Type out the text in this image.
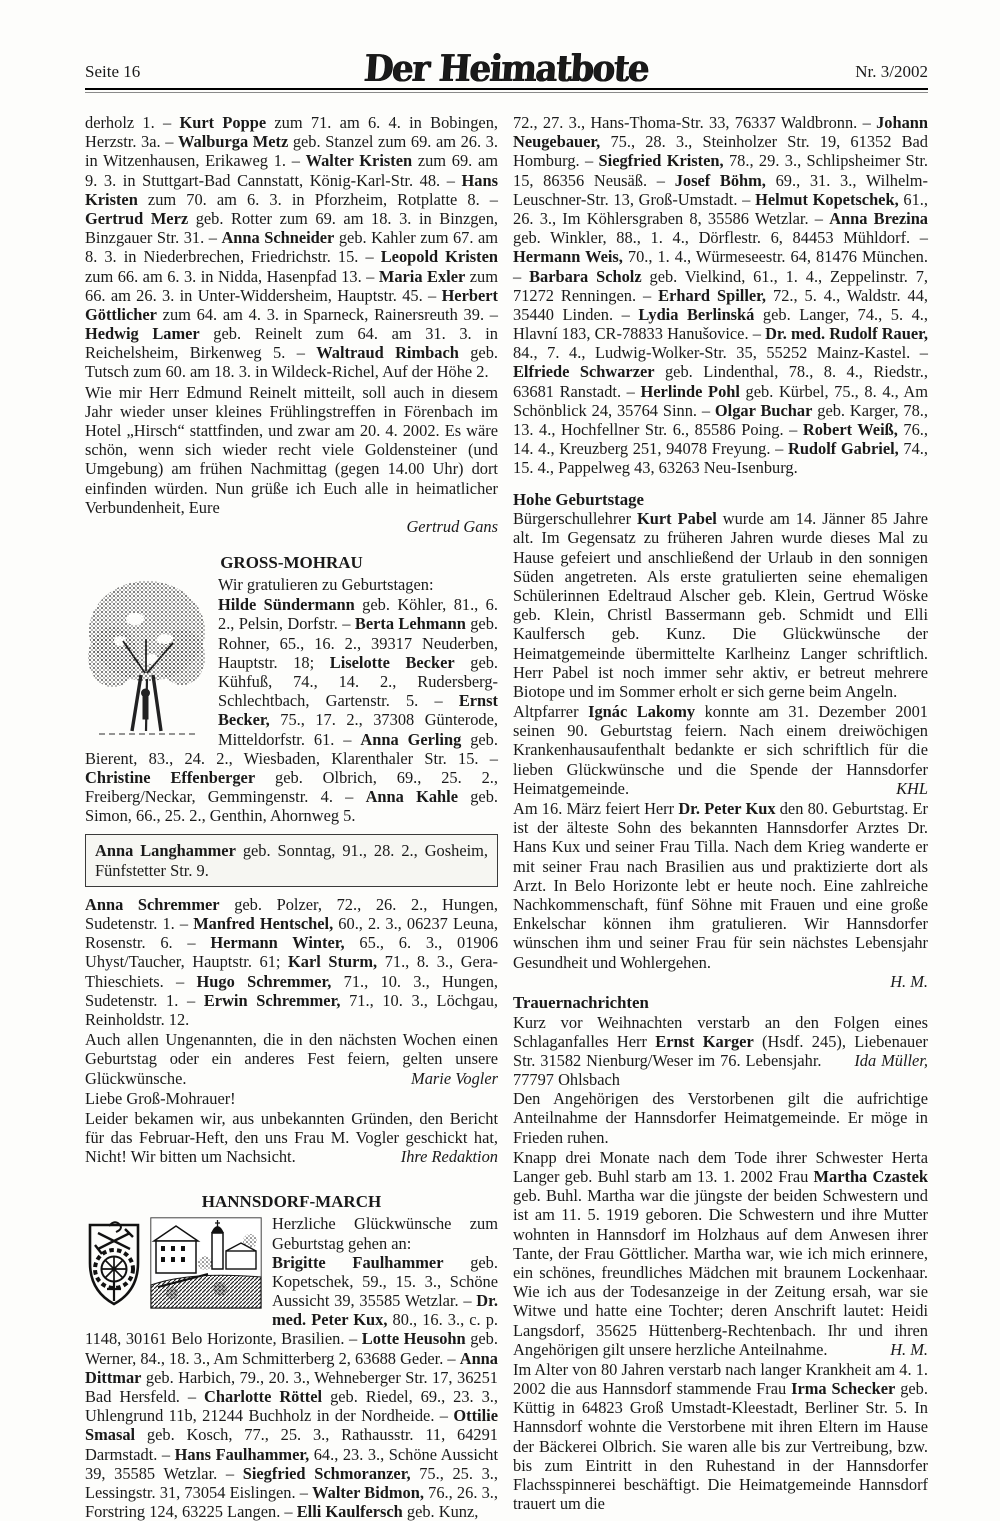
Seite 16	Der Heimatbote	Nr. 3/2002

derholz 1. – Kurt Poppe zum 71. am 6. 4. in Bobingen, Herzstr. 3a. – Walburga Metz geb. Stanzel zum 69. am 26. 3. in Witzenhausen, Erikaweg 1. – Walter Kristen zum 69. am 9. 3. in Stuttgart-Bad Cannstatt, König-Karl-Str. 48. – Hans Kristen zum 70. am 6. 3. in Pforzheim, Rotplatte 8. – Gertrud Merz geb. Rotter zum 69. am 18. 3. in Binzgen, Binzgauer Str. 31. – Anna Schneider geb. Kahler zum 67. am 8. 3. in Niederbrechen, Friedrichstr. 15. – Leopold Kristen zum 66. am 6. 3. in Nidda, Hasenpfad 13. – Maria Exler zum 66. am 26. 3. in Unter-Widdersheim, Hauptstr. 45. – Herbert Göttlicher zum 64. am 4. 3. in Sparneck, Rainersreuth 39. – Hedwig Lamer geb. Reinelt zum 64. am 31. 3. in Reichelsheim, Birkenweg 5. – Waltraud Rimbach geb. Tutsch zum 60. am 18. 3. in Wildeck-Richel, Auf der Höhe 2.

Wie mir Herr Edmund Reinelt mitteilt, soll auch in diesem Jahr wieder unser kleines Frühlingstreffen in Förenbach im Hotel „Hirsch“ stattfinden, und zwar am 20. 4. 2002. Es wäre schön, wenn sich wieder recht viele Goldensteiner (und Umgebung) am frühen Nachmittag (gegen 14.00 Uhr) dort einfinden würden. Nun grüße ich Euch alle in heimatlicher Verbundenheit, Eure

Gertrud Gans

GROSS-MOHRAU
Wir gratulieren zu Geburtstagen:

Hilde Sündermann geb. Köhler, 81., 6. 2., Pelsin, Dorfstr. – Berta Lehmann geb. Rohner, 65., 16. 2., 39317 Neuderben, Hauptstr. 18; Liselotte Becker geb. Kühfuß, 74., 14. 2., Rudersberg-Schlechtbach, Gartenstr. 5. – Ernst Becker, 75., 17. 2., 37308 Günterode, Mitteldorfstr. 61. – Anna Gerling geb. Bierent, 83., 24. 2., Wiesbaden, Klarenthaler Str. 15. – Christine Effenberger geb. Olbrich, 69., 25. 2., Freiberg/Neckar, Gemmingenstr. 4. – Anna Kahle geb. Simon, 66., 25. 2., Genthin, Ahornweg 5.

Anna Langhammer geb. Sonntag, 91., 28. 2., Gosheim, Fünfstetter Str. 9.

Anna Schremmer geb. Polzer, 72., 26. 2., Hungen, Sudetenstr. 1. – Manfred Hentschel, 60., 2. 3., 06237 Leuna, Rosenstr. 6. – Hermann Winter, 65., 6. 3., 01906 Uhyst/Taucher, Hauptstr. 61; Karl Sturm, 71., 8. 3., Gera-Thieschiets. – Hugo Schremmer, 71., 10. 3., Hungen, Sudetenstr. 1. – Erwin Schremmer, 71., 10. 3., Löchgau, Reinholdstr. 12.

Auch allen Ungenannten, die in den nächsten Wochen einen Geburtstag oder ein anderes Fest feiern, gelten unsere Glückwünsche.	Marie Vogler

Liebe Groß-Mohrauer!

Leider bekamen wir, aus unbekannten Gründen, den Bericht für das Februar-Heft, den uns Frau M. Vogler geschickt hat, Nicht! Wir bitten um Nachsicht.	Ihre Redaktion

HANNSDORF-MARCH

Herzliche Glückwünsche zum Geburtstag gehen an:
Brigitte Faulhammer geb. Kopetschek, 59., 15. 3., Schöne Aussicht 39, 35585 Wetzlar. – Dr. med. Peter Kux, 80., 16. 3., c. p. 1148, 30161 Belo Horizonte, Brasilien. – Lotte Heusohn geb. Werner, 84., 18. 3., Am Schmitterberg 2, 63688 Geder. – Anna Dittmar geb. Harbich, 79., 20. 3., Wehneberger Str. 17, 36251 Bad Hersfeld. – Charlotte Röttel geb. Riedel, 69., 23. 3., Uhlengrund 11b, 21244 Buchholz in der Nordheide. – Ottilie Smasal geb. Kosch, 77., 25. 3., Rathausstr. 11, 64291 Darmstadt. – Hans Faulhammer, 64., 23. 3., Schöne Aussicht 39, 35585 Wetzlar. – Siegfried Schmoranzer, 75., 25. 3., Lessingstr. 31, 73054 Eislingen. – Walter Bidmon, 76., 26. 3., Forstring 124, 63225 Langen. – Elli Kaulfersch geb. Kunz,

72., 27. 3., Hans-Thoma-Str. 33, 76337 Waldbronn. – Johann Neugebauer, 75., 28. 3., Steinholzer Str. 19, 61352 Bad Homburg. – Siegfried Kristen, 78., 29. 3., Schlipsheimer Str. 15, 86356 Neusäß. – Josef Böhm, 69., 31. 3., Wilhelm-Leuschner-Str. 13, Groß-Umstadt. – Helmut Kopetschek, 61., 26. 3., Im Köhlersgraben 8, 35586 Wetzlar. – Anna Brezina geb. Winkler, 88., 1. 4., Dörflestr. 6, 84453 Mühldorf. – Hermann Weis, 70., 1. 4., Würmeseestr. 64, 81476 München. – Barbara Scholz geb. Vielkind, 61., 1. 4., Zeppelinstr. 7, 71272 Renningen. – Erhard Spiller, 72., 5. 4., Waldstr. 44, 35440 Linden. – Lydia Berlinská geb. Langer, 74., 5. 4., Hlavní 183, CR-78833 Hanušovice. – Dr. med. Rudolf Rauer, 84., 7. 4., Ludwig-Wolker-Str. 35, 55252 Mainz-Kastel. – Elfriede Schwarzer geb. Lindenthal, 78., 8. 4., Riedstr., 63681 Ranstadt. – Herlinde Pohl geb. Kürbel, 75., 8. 4., Am Schönblick 24, 35764 Sinn. – Olgar Buchar geb. Karger, 78., 13. 4., Hochfellner Str. 6., 85586 Poing. – Robert Weiß, 76., 14. 4., Kreuzberg 251, 94078 Freyung. – Rudolf Gabriel, 74., 15. 4., Pappelweg 43, 63263 Neu-Isenburg.

Hohe Geburtstage

Bürgerschullehrer Kurt Pabel wurde am 14. Jänner 85 Jahre alt. Im Gegensatz zu früheren Jahren wurde dieses Mal zu Hause gefeiert und anschließend der Urlaub in den sonnigen Süden angetreten. Als erste gratulierten seine ehemaligen Schülerinnen Edeltraud Alscher geb. Klein, Gertrud Wöske geb. Klein, Christl Bassermann geb. Schmidt und Elli Kaulfersch geb. Kunz. Die Glückwünsche der Heimatgemeinde übermittelte Karlheinz Langer schriftlich. Herr Pabel ist noch immer sehr aktiv, er betreut mehrere Biotope und im Sommer erholt er sich gerne beim Angeln.

Altpfarrer Ignác Lakomy konnte am 31. Dezember 2001 seinen 90. Geburtstag feiern. Nach einem dreiwöchigen Krankenhausaufenthalt bedankte er sich schriftlich für die lieben Glückwünsche und die Spende der Hannsdorfer Heimatgemeinde.	KHL

Am 16. März feiert Herr Dr. Peter Kux den 80. Geburtstag. Er ist der älteste Sohn des bekannten Hannsdorfer Arztes Dr. Hans Kux und seiner Frau Tilla. Nach dem Krieg wanderte er mit seiner Frau nach Brasilien aus und praktizierte dort als Arzt. In Belo Horizonte lebt er heute noch. Eine zahlreiche Nachkommenschaft, fünf Söhne mit Frauen und eine große Enkelschar können ihm gratulieren. Wir Hannsdorfer wünschen ihm und seiner Frau für sein nächstes Lebensjahr Gesundheit und Wohlergehen.

H. M.

Trauernachrichten

Kurz vor Weihnachten verstarb an den Folgen eines Schlaganfalles Herr Ernst Karger (Hsdf. 245), Liebenauer Str. 31582 Nienburg/Weser im 76. Lebensjahr.  Ida Müller, 77797 Ohlsbach
Den Angehörigen des Verstorbenen gilt die aufrichtige Anteilnahme der Hannsdorfer Heimatgemeinde. Er möge in Frieden ruhen.

Knapp drei Monate nach dem Tode ihrer Schwester Herta Langer geb. Buhl starb am 13. 1. 2002 Frau Martha Czastek geb. Buhl. Martha war die jüngste der beiden Schwestern und ist am 11. 5. 1919 geboren. Die Schwestern und ihre Mutter wohnten in Hannsdorf im Holzhaus auf dem Anwesen ihrer Tante, der Frau Göttlicher. Martha war, wie ich mich erinnere, ein schönes, freundliches Mädchen mit braunem Lockenhaar. Wie ich aus der Todesanzeige in der Zeitung ersah, war sie Witwe und hatte eine Tochter; deren Anschrift lautet: Heidi Langsdorf, 35625 Hüttenberg-Rechtenbach. Ihr und ihren Angehörigen gilt unsere herzliche Anteilnahme.	H. M.

Im Alter von 80 Jahren verstarb nach langer Krankheit am 4. 1. 2002 die aus Hannsdorf stammende Frau Irma Schecker geb. Küttig in 64823 Groß Umstadt-Kleestadt, Berliner Str. 5. In Hannsdorf wohnte die Verstorbene mit ihren Eltern im Hause der Bäckerei Olbrich. Sie waren alle bis zur Vertreibung, bzw. bis zum Eintritt in den Ruhestand in der Hannsdorfer Flachsspinnerei beschäftigt. Die Heimatgemeinde Hannsdorf trauert um die
